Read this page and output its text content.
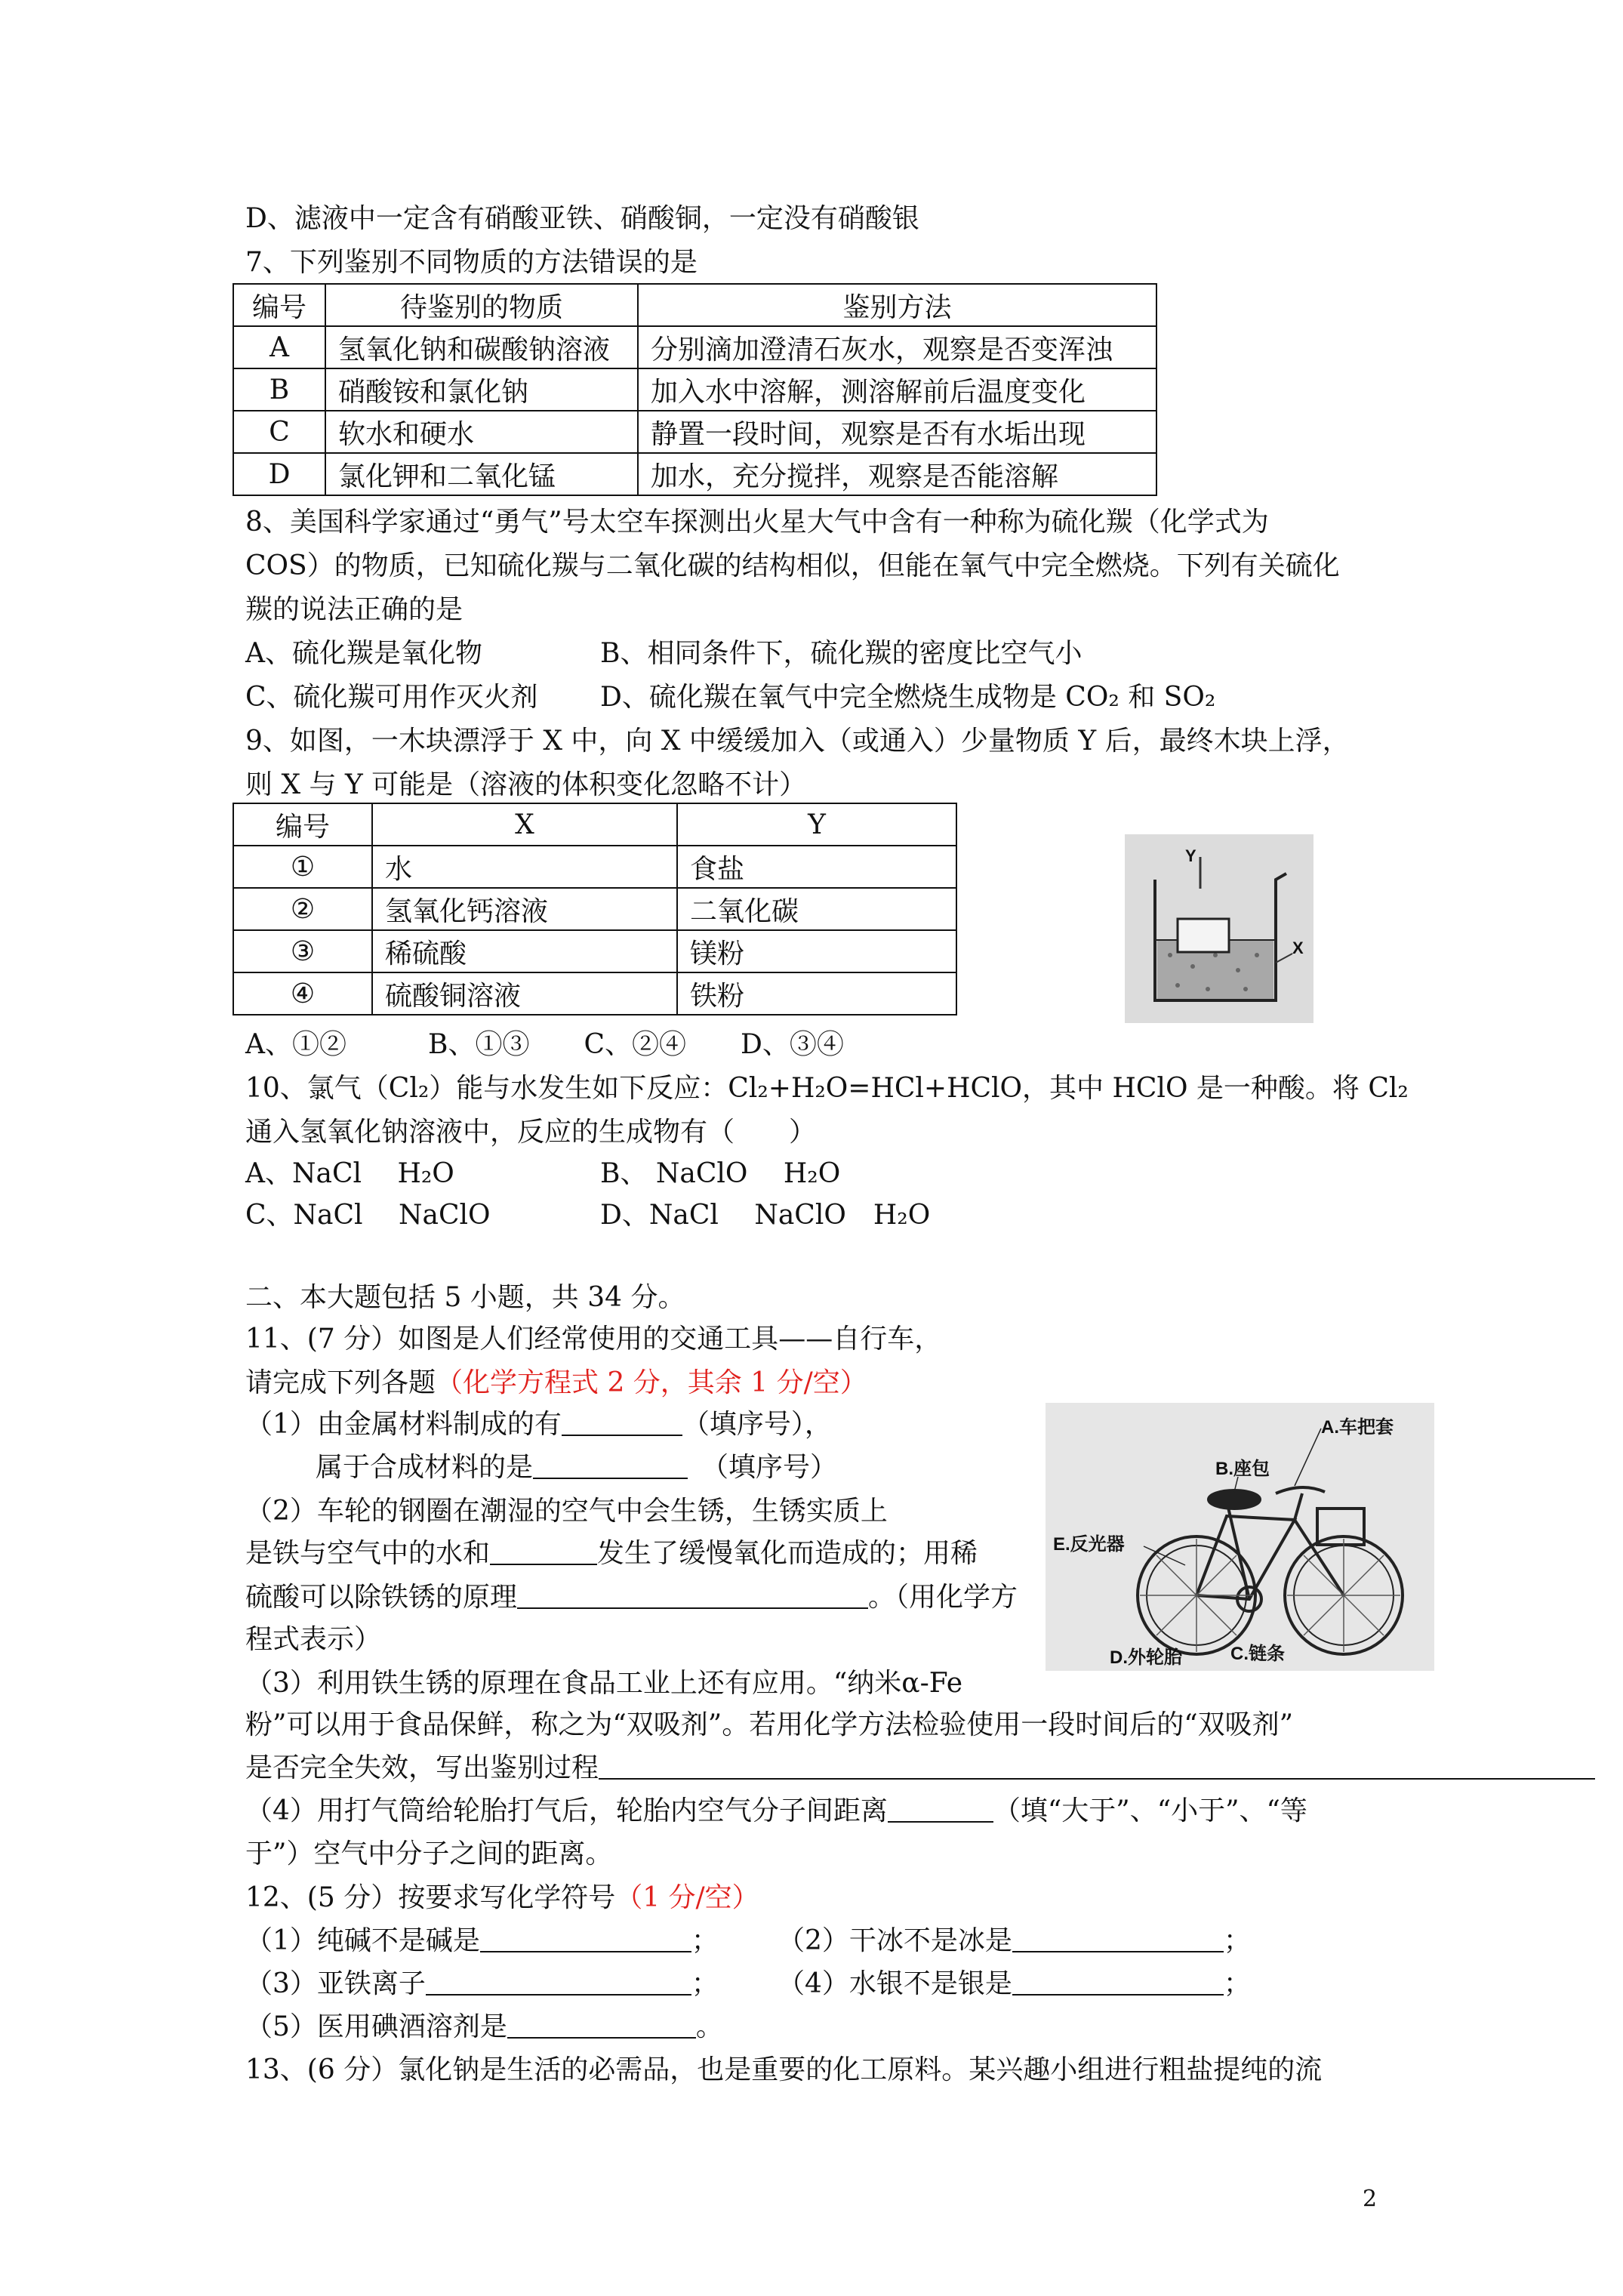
D、滤液中一定含有硝酸亚铁、硝酸铜，一定没有硝酸银
7、下列鉴别不同物质的方法错误的是
编号	待鉴别的物质	鉴别方法
A	氢氧化钠和碳酸钠溶液	分别滴加澄清石灰水，观察是否变浑浊
B	硝酸铵和氯化钠	加入水中溶解，测溶解前后温度变化
C	软水和硬水	静置一段时间，观察是否有水垢出现
D	氯化钾和二氧化锰	加水，充分搅拌，观察是否能溶解
8、美国科学家通过“勇气”号太空车探测出火星大气中含有一种称为硫化羰（化学式为
COS）的物质，已知硫化羰与二氧化碳的结构相似，但能在氧气中完全燃烧。下列有关硫化
羰的说法正确的是
A、硫化羰是氧化物	B、相同条件下，硫化羰的密度比空气小
C、硫化羰可用作灭火剂 D、硫化羰在氧气中完全燃烧生成物是 CO₂ 和 SO₂
9、如图，一木块漂浮于 X 中，向 X 中缓缓加入（或通入）少量物质 Y 后，最终木块上浮，
则 X 与 Y 可能是（溶液的体积变化忽略不计）
编号	X	Y
①	水	食盐
②	氢氧化钙溶液	二氧化碳
③	稀硫酸	镁粉
④	硫酸铜溶液	铁粉
Y
X
A、①②　　　B、①③　　C、②④　　D、③④
10、氯气（Cl₂）能与水发生如下反应：Cl₂+H₂O=HCl+HClO，其中 HClO 是一种酸。将 Cl₂
通入氢氧化钠溶液中，反应的生成物有（　　）
A、NaCl　 H₂O	B、 NaClO　 H₂O
C、NaCl　 NaClO	D、NaCl　 NaClO　H₂O
二、本大题包括 5 小题，共 34 分。
11、(7 分）如图是人们经常使用的交通工具——自行车，
请完成下列各题（化学方程式 2 分，其余 1 分/空）
（1）由金属材料制成的有	（填序号），
属于合成材料的是　	（填序号）
（2）车轮的钢圈在潮湿的空气中会生锈，生锈实质上
是铁与空气中的水和	发生了缓慢氧化而造成的；用稀
硫酸可以除铁锈的原理	。（用化学方
程式表示）
（3）利用铁生锈的原理在食品工业上还有应用。“纳米α-Fe
粉”可以用于食品保鲜，称之为“双吸剂”。若用化学方法检验使用一段时间后的“双吸剂”
是否完全失效，写出鉴别过程
（4）用打气筒给轮胎打气后，轮胎内空气分子间距离	（填“大于”、“小于”、“等
于”）空气中分子之间的距离。
A.车把套
B.座包
E.反光器
D.外轮胎	C.链条
12、(5 分）按要求写化学符号（1 分/空）
（1）纯碱不是碱是	； （2）干冰不是冰是	；
（3）亚铁离子	； （4）水银不是银是	；
（5）医用碘酒溶剂是	。
13、(6 分）氯化钠是生活的必需品，也是重要的化工原料。某兴趣小组进行粗盐提纯的流
2
